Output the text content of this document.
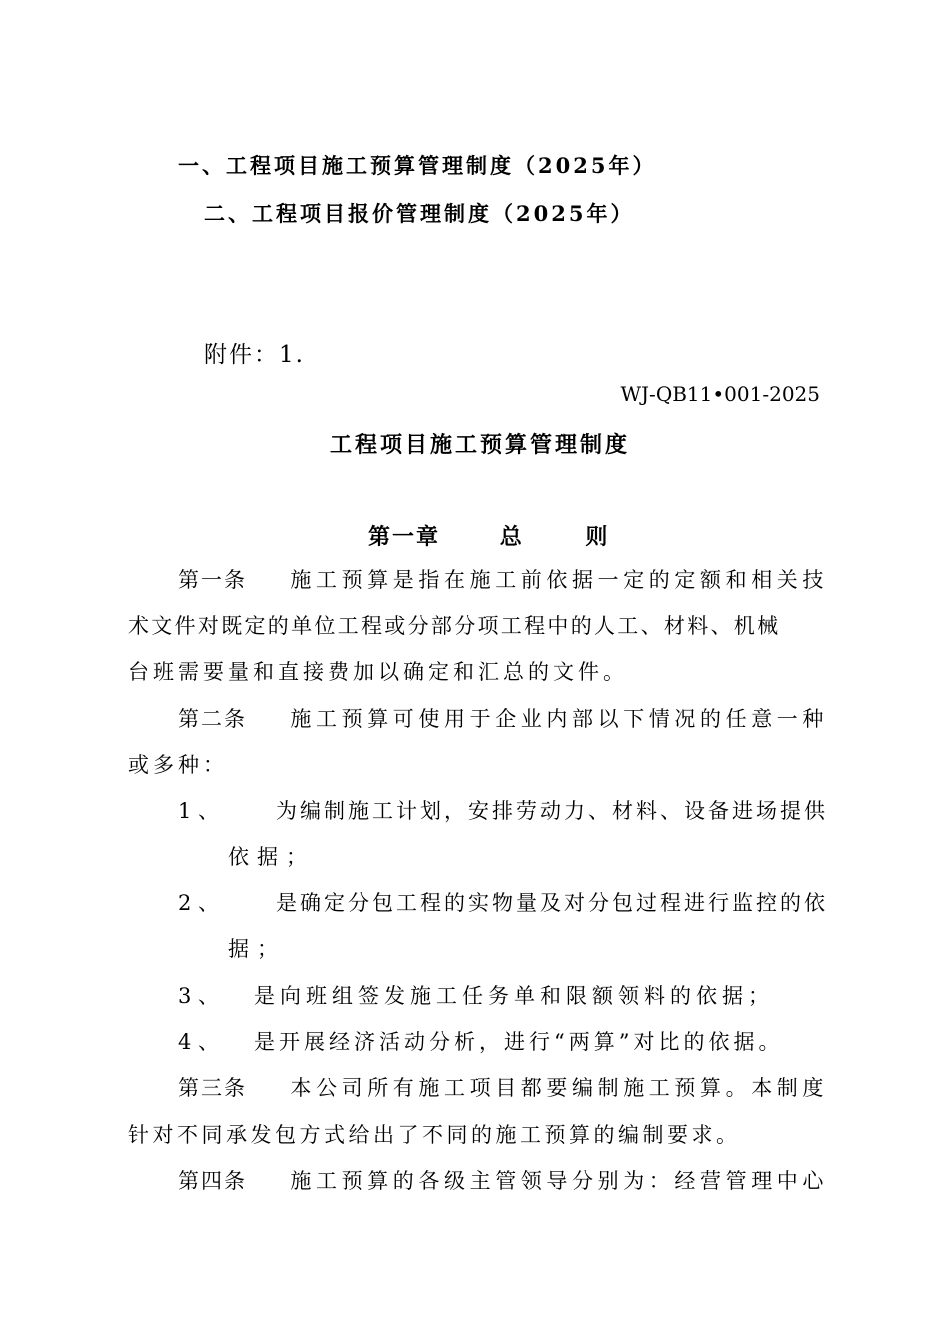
一、工程项目施工预算管理制度（2025年）
二、工程项目报价管理制度（2025年）
附件：1.
WJ-QB11•001-2025
工程项目施工预算管理制度
第一章	总	则
第一条	施工预算是指在施工前依据一定的定额和相关技
术文件对既定的单位工程或分部分项工程中的人工、材料、机械
台班需要量和直接费加以确定和汇总的文件。
第二条	施工预算可使用于企业内部以下情况的任意一种
或多种：
1 、	为编制施工计划，安排劳动力、材料、设备进场提供
依据；
2 、	是确定分包工程的实物量及对分包过程进行监控的依
据；
3 、	是向班组签发施工任务单和限额领料的依据；
4 、	是开展经济活动分析，进行“两算”对比的依据。
第三条	本公司所有施工项目都要编制施工预算。本制度
针对不同承发包方式给出了不同的施工预算的编制要求。
第四条	施工预算的各级主管领导分别为：经营管理中心
